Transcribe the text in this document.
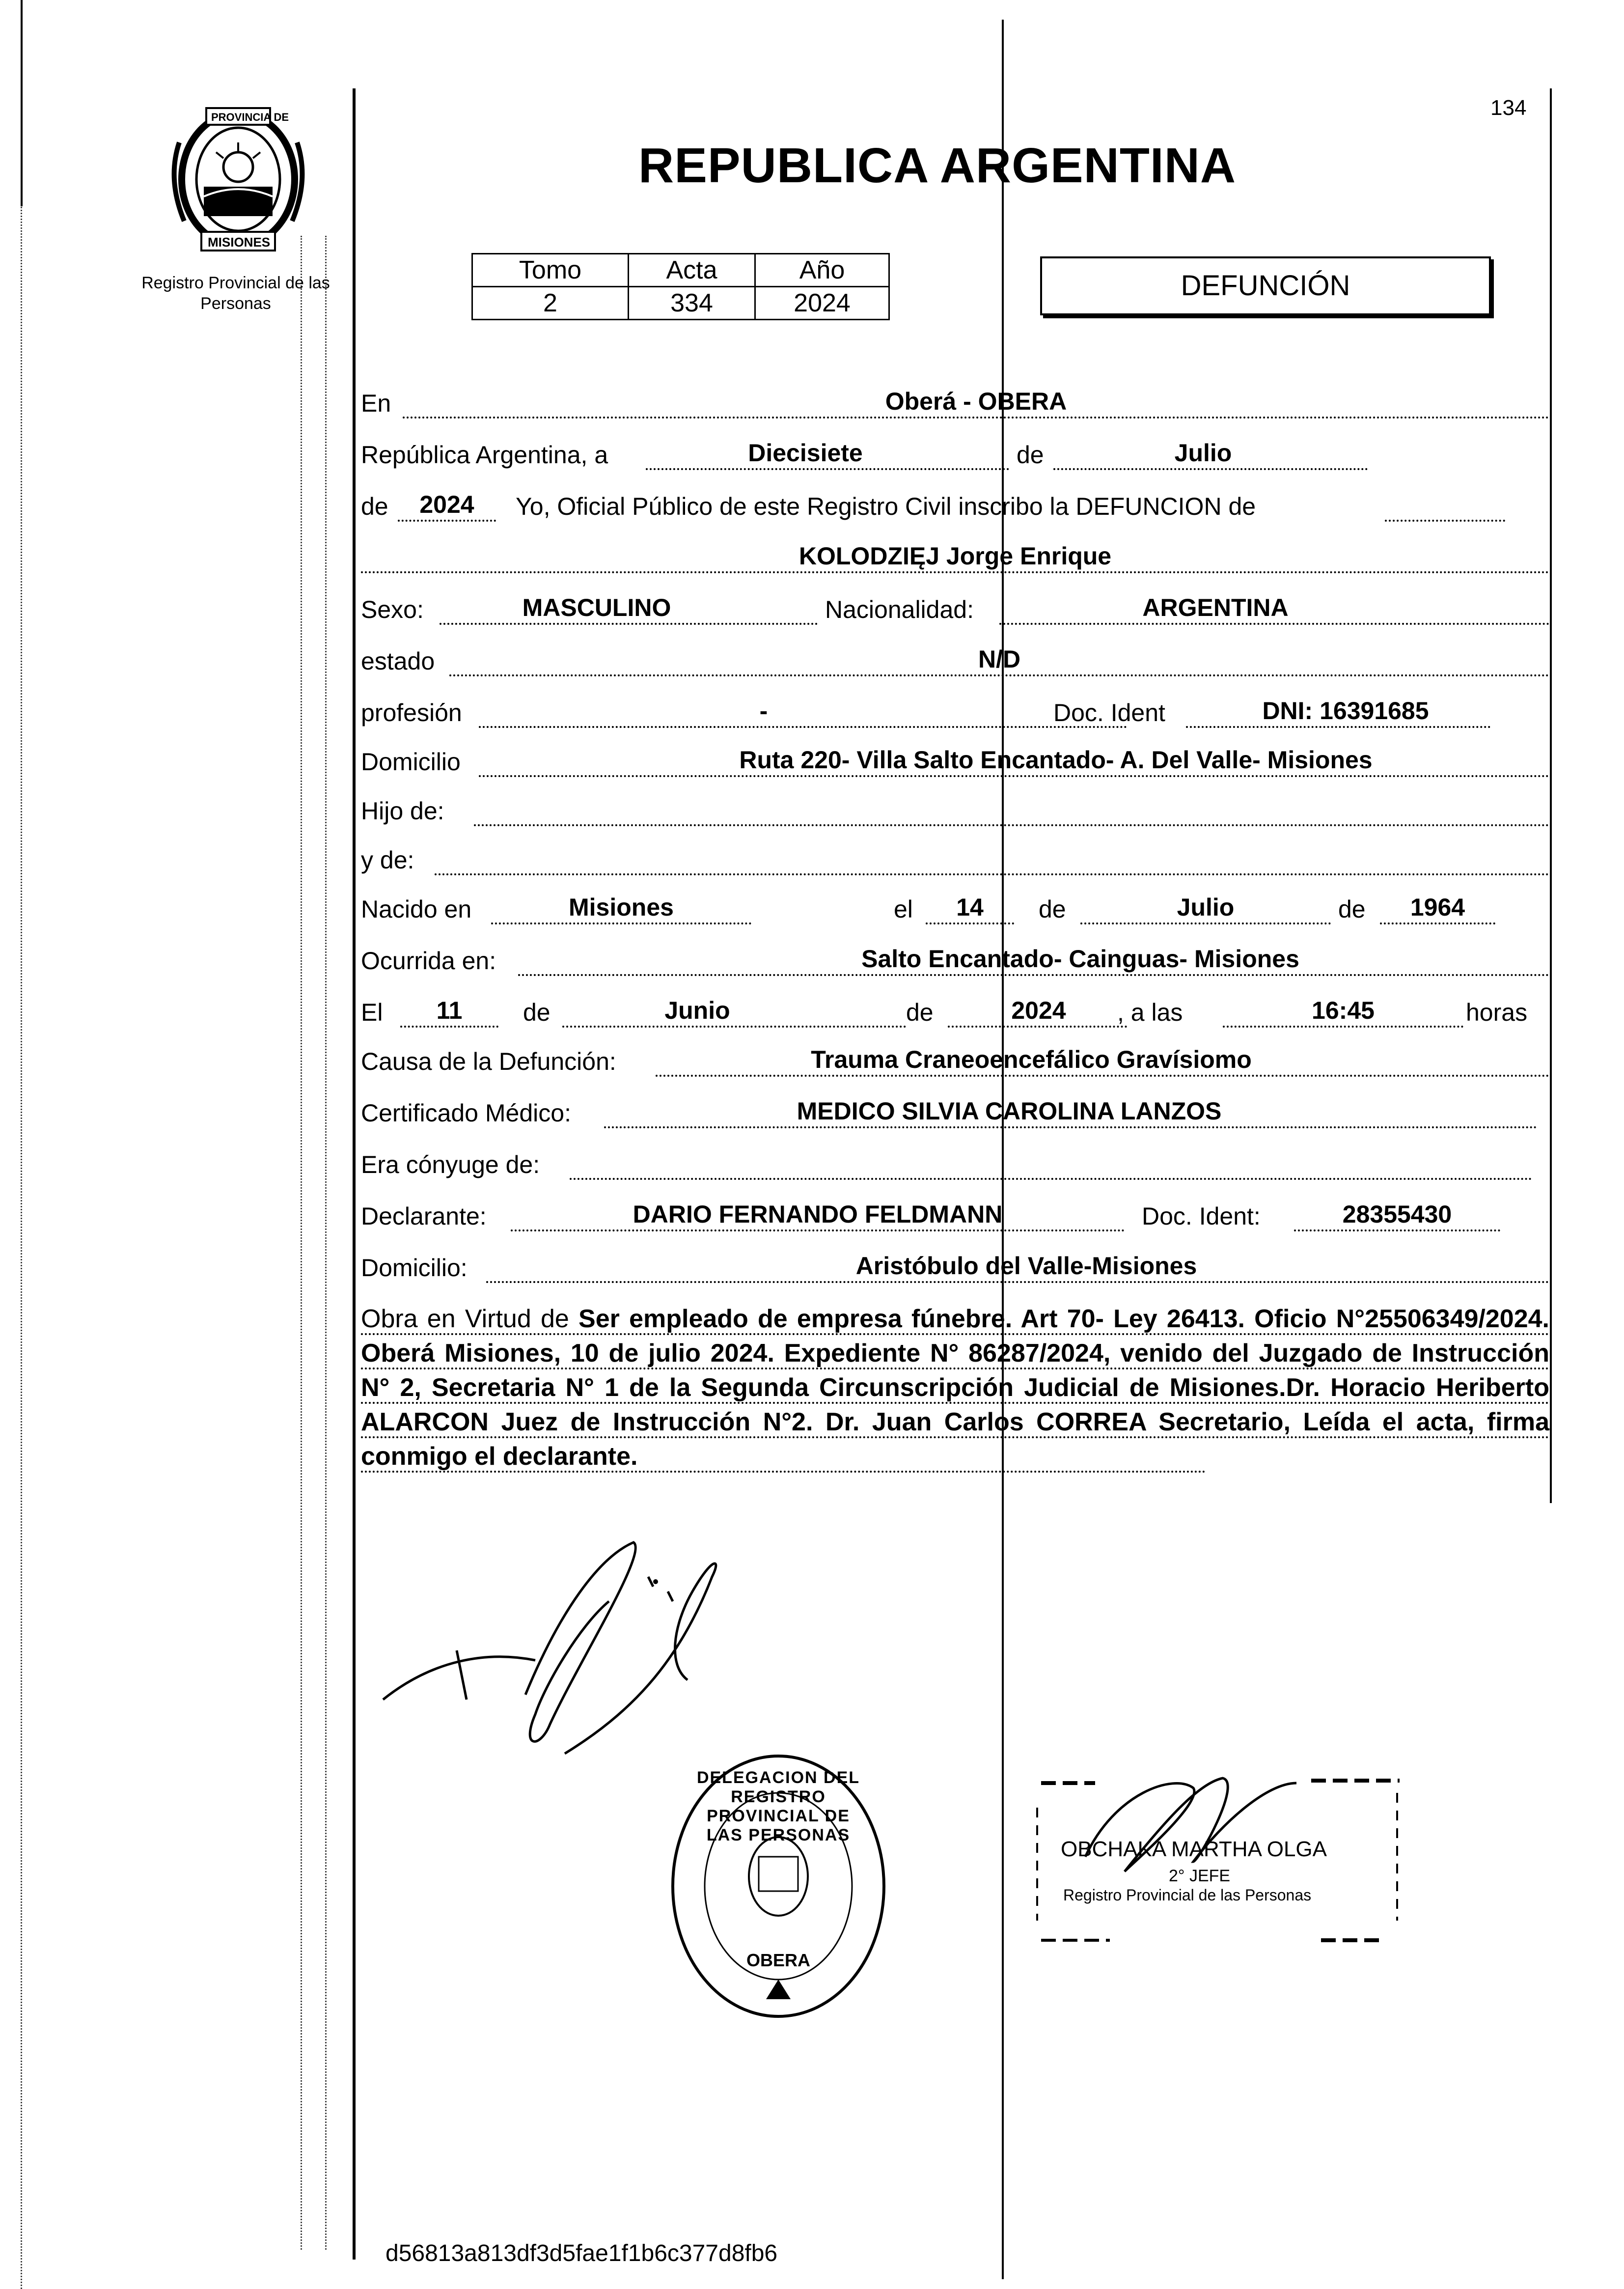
PROVINCIA DE
MISIONES
Registro Provincial de las Personas
134
REPUBLICA ARGENTINA
Tomo	Acta	Año
2	334	2024
DEFUNCIÓN
En	Oberá - OBERA
República Argentina, a	Diecisiete	de	Julio
de	2024	Yo, Oficial Público de este Registro Civil inscribo la DEFUNCION de
KOLODZIĘJ Jorge Enrique
Sexo:	MASCULINO	Nacionalidad:	ARGENTINA
estado	N/D
profesión	-	Doc. Ident	DNI: 16391685
Domicilio	Ruta 220- Villa Salto Encantado- A. Del Valle- Misiones
Hijo de:
y de:
Nacido en	Misiones	el	14	de	Julio	de	1964
Ocurrida en:	Salto Encantado- Cainguas- Misiones
El	11	de	Junio	de	2024	, a las	16:45	horas
Causa de la Defunción:	Trauma Craneoencefálico Gravísiomo
Certificado Médico:	MEDICO SILVIA CAROLINA LANZOS
Era cónyuge de:
Declarante:	DARIO FERNANDO FELDMANN	Doc. Ident:	28355430
Domicilio:	Aristóbulo del Valle-Misiones
Obra en Virtud de Ser empleado de empresa fúnebre. Art 70- Ley 26413. Oficio N°25506349/2024. Oberá Misiones, 10 de julio 2024. Expediente N° 86287/2024, venido del Juzgado de Instrucción N° 2, Secretaria N° 1 de la Segunda Circunscripción Judicial de Misiones.Dr. Horacio Heriberto ALARCON Juez de Instrucción N°2. Dr. Juan Carlos CORREA Secretario, Leída el acta, firma conmigo el declarante.
DELEGACION DEL REGISTRO PROVINCIAL DE LAS PERSONAS
OBERA
OBCHAKA MARTHA OLGA
2° JEFE
Registro Provincial de las Personas
d56813a813df3d5fae1f1b6c377d8fb6
